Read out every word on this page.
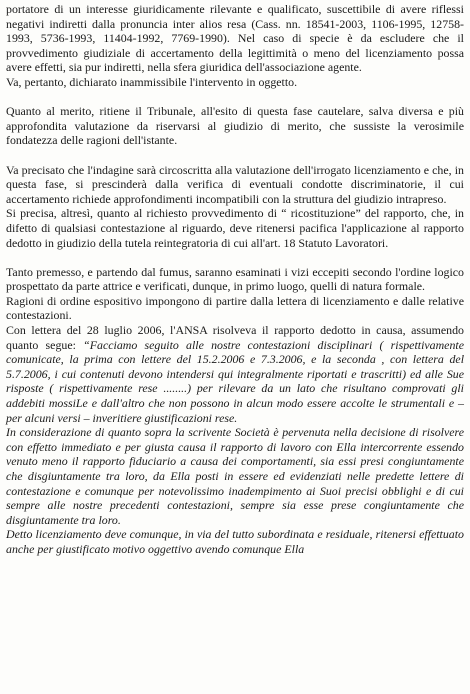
portatore di un interesse giuridicamente rilevante e qualificato, suscettibile di avere riflessi negativi indiretti dalla pronuncia inter alios resa (Cass. nn. 18541-2003, 1106-1995, 12758-1993, 5736-1993, 11404-1992, 7769-1990). Nel caso di specie è da escludere che il provvedimento giudiziale di accertamento della legittimità o meno del licenziamento possa avere effetti, sia pur indiretti, nella sfera giuridica dell'associazione agente.

Va, pertanto, dichiarato inammissibile l'intervento in oggetto.

Quanto al merito, ritiene il Tribunale, all'esito di questa fase cautelare, salva diversa e più approfondita valutazione da riservarsi al giudizio di merito, che sussiste la verosimile fondatezza delle ragioni dell'istante.

Va precisato che l'indagine sarà circoscritta alla valutazione dell'irrogato licenziamento e che, in questa fase, si prescinderà dalla verifica di eventuali condotte discriminatorie, il cui accertamento richiede approfondimenti incompatibili con la struttura del giudizio intrapreso.

Si precisa, altresì, quanto al richiesto provvedimento di “ ricostituzione” del rapporto, che, in difetto di qualsiasi contestazione al riguardo, deve ritenersi pacifica l'applicazione al rapporto dedotto in giudizio della tutela reintegratoria di cui all'art. 18 Statuto Lavoratori.

Tanto premesso, e partendo dal fumus, saranno esaminati i vizi eccepiti secondo l'ordine logico prospettato da parte attrice e verificati, dunque, in primo luogo, quelli di natura formale.

Ragioni di ordine espositivo impongono di partire dalla lettera di licenziamento e dalle relative contestazioni.

Con lettera del 28 luglio 2006, l'ANSA risolveva il rapporto dedotto in causa, assumendo quanto segue: “Facciamo seguito alle nostre contestazioni disciplinari ( rispettivamente comunicate, la prima con lettere del 15.2.2006 e 7.3.2006, e la seconda , con lettera del 5.7.2006, i cui contenuti devono intendersi qui integralmente riportati e trascritti) ed alle Sue risposte ( rispettivamente rese ........) per rilevare da un lato che risultano comprovati gli addebiti mossiLe e dall'altro che non possono in alcun modo essere accolte le strumentali e – per alcuni versi – inveritiere giustificazioni rese.

In considerazione di quanto sopra la scrivente Società è pervenuta nella decisione di risolvere con effetto immediato e per giusta causa il rapporto di lavoro con Ella intercorrente essendo venuto meno il rapporto fiduciario a causa dei comportamenti, sia essi presi congiuntamente che disgiuntamente tra loro, da Ella posti in essere ed evidenziati nelle predette lettere di contestazione e comunque per notevolissimo inadempimento ai Suoi precisi obblighi e di cui sempre alle nostre precedenti contestazioni, sempre sia esse prese congiuntamente che disgiuntamente tra loro.

Detto licenziamento deve comunque, in via del tutto subordinata e residuale, ritenersi effettuato anche per giustificato motivo oggettivo avendo comunque Ella
